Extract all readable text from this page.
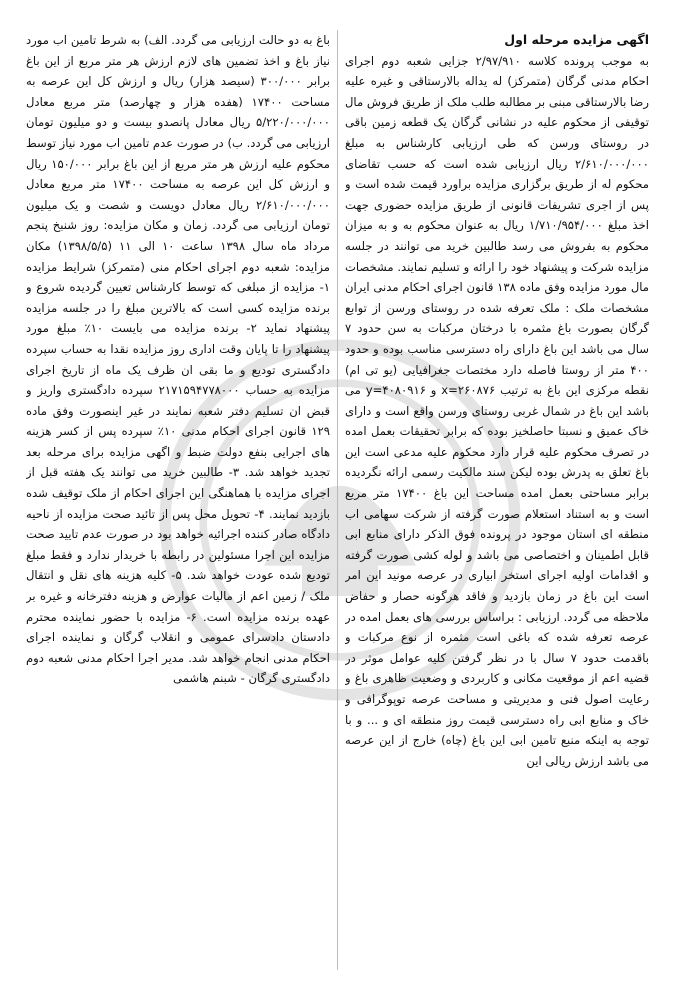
اگهی مزایده مرحله اول

به موجب پرونده کلاسه ۲/۹۷/۹۱۰ جزایی شعبه دوم اجرای احکام مدنی گرگان (متمرکز) له یداله بالارستاقی و غیره علیه رضا بالارستاقی مبنی بر مطالبه طلب ملک از طریق فروش مال توقیفی از محکوم علیه در نشانی گرگان یک قطعه زمین باقی در روستای ورسن که طی ارزیابی کارشناس به مبلغ ۲/۶۱۰/۰۰۰/۰۰۰ ریال ارزیابی شده است که حسب تقاضای محکوم له از طریق برگزاری مزایده براورد قیمت شده است و پس از اجری تشریفات قانونی از طریق مزایده حضوری جهت اخذ مبلغ ۱/۷۱۰/۹۵۴/۰۰۰ ریال به عنوان محکوم به و به میزان محکوم به بفروش می رسد طالبین خرید می توانند در جلسه مزایده شرکت و پیشنهاد خود را ارائه و تسلیم نمایند. مشخصات مال مورد مزایده وفق ماده ۱۳۸ قانون اجرای احکام مدنی ایران مشخصات ملک : ملک تعرفه شده در روستای ورسن از توابع گرگان بصورت باغ مثمره با درختان مرکبات به سن حدود ۷ سال می باشد این باغ دارای راه دسترسی مناسب بوده و حدود ۴۰۰ متر از روستا فاصله دارد مختصات جغرافیایی (یو تی ام) نقطه مرکزی این باغ به ترتیب ۲۶۰۸۷۶=x و ۴۰۸۰۹۱۶=y می باشد این باغ در شمال غربی روستای ورسن واقع است و دارای خاک عمیق و نسبتا حاصلخیز بوده که برابر تحقیقات بعمل امده در تصرف محکوم علیه قرار دارد محکوم علیه مدعی است این باغ تعلق به پدرش بوده لیکن سند مالکیت رسمی ارائه نگردیده برابر مساحتی بعمل امده مساحت این باغ ۱۷۴۰۰ متر مربع است و به استناد استعلام صورت گرفته از شرکت سهامی اب منطقه ای استان موجود در پرونده فوق الذکر دارای منابع ابی قابل اطمینان و اختصاصی می باشد و لوله کشی صورت گرفته و اقدامات اولیه اجرای استخر ابیاری در عرصه مونید این امر است این باغ در زمان بازدید و فاقد هرگونه حصار و حفاض ملاحظه می گردد. ارزیابی : براساس بررسی های بعمل امده در عرصه تعرفه شده که باغی است مثمره از نوع مرکبات و باقدمت حدود ۷ سال با در نظر گرفتن کلیه عوامل موثر در قضیه اعم از موقعیت مکانی و کاربردی و وضعیت ظاهری باغ و رعایت اصول فنی و مدیریتی و مساحت عرصه توپوگرافی و خاک و منابع ابی راه دسترسی قیمت روز منطقه ای و ... و با توجه به اینکه منبع تامین ابی این باغ (چاه) خارج از این عرصه می باشد ارزش ریالی این

باغ به دو حالت ارزیابی می گردد. الف) به شرط تامین اب مورد نیاز باغ و اخذ تضمین های لازم ارزش هر متر مربع از این باغ برابر ۳۰۰/۰۰۰ (سیصد هزار) ریال و ارزش کل این عرصه به مساحت ۱۷۴۰۰ (هفده هزار و چهارصد) متر مربع معادل ۵/۲۲۰/۰۰۰/۰۰۰ ریال معادل پانصدو بیست و دو میلیون تومان ارزیابی می گردد. ب) در صورت عدم تامین اب مورد نیاز توسط محکوم علیه ارزش هر متر مربع از این باغ برابر ۱۵۰/۰۰۰ ریال و ارزش کل این عرصه به مساحت ۱۷۴۰۰ متر مربع معادل ۲/۶۱۰/۰۰۰/۰۰۰ ریال معادل دویست و شصت و یک میلیون تومان ارزیابی می گردد. زمان و مکان مزایده: روز شنبخ پنجم مرداد ماه سال ۱۳۹۸ ساعت ۱۰ الی ۱۱ (۱۳۹۸/۵/۵) مکان مزایده: شعبه دوم اجرای احکام منی (متمرکز) شرایط مزایده ۱- مزایده از مبلغی که توسط کارشناس تعیین گردیده شروع و برنده مزایده کسی است که بالاترین مبلغ را در جلسه مزایده پیشنهاد نماید ۲- برنده مزایده می بایست ۱۰٪ مبلغ مورد پیشنهاد را تا پایان وقت اداری روز مزایده نقدا به حساب سپرده دادگستری تودیع و ما بقی ان ظرف یک ماه از تاریخ اجرای مزایده به حساب ۲۱۷۱۵۹۴۷۷۸۰۰۰ سپرده دادگستری واریز و قبض ان تسلیم دفتر شعبه نمایند در غیر اینصورت وفق ماده ۱۲۹ قانون اجرای احکام مدنی ۱۰٪ سپرده پس از کسر هزینه های اجرایی بنفع دولت ضبط و اگهی مزایده برای مرحله بعد تجدید خواهد شد. ۳- طالبین خرید می توانند یک هفته قبل از اجرای مزایده با هماهنگی این اجرای احکام از ملک توقیف شده بازدید نمایند. ۴- تحویل محل پس از تائید صحت مزایده از ناحیه دادگاه صادر کننده اجرائیه خواهد بود در صورت عدم تایید صحت مزایده این اجرا مسئولین در رابطه با خریدار ندارد و فقط مبلغ تودیع شده عودت خواهد شد. ۵- کلیه هزینه های نقل و انتقال ملک / زمین اعم از مالیات عوارض و هزینه دفترخانه و غیره بر عهده برنده مزایده است. ۶- مزایده با حضور نماینده محترم دادستان دادسرای عمومی و انقلاب گرگان و نماینده اجرای احکام مدنی انجام خواهد شد. مدیر اجرا احکام مدنی شعبه دوم دادگستری گرگان - شبنم هاشمی
